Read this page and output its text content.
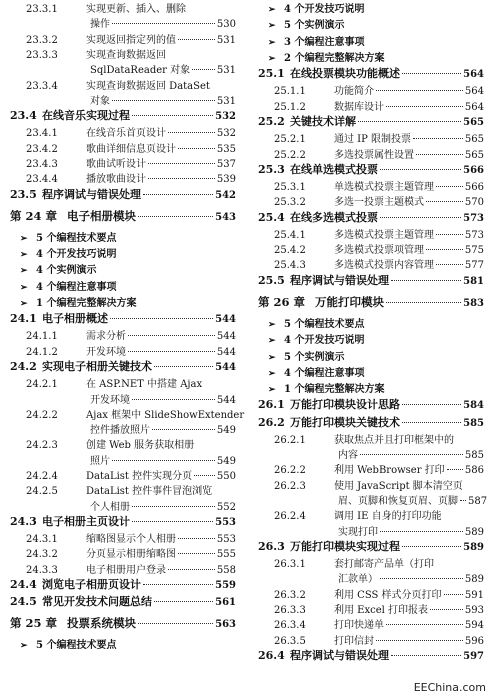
23.3.1	实现更新、插入、删除
操作	530
23.3.2	实现返回指定列的值	531
23.3.3	实现查询数据返回
SqlDataReader 对象	531
23.3.4	实现查询数据返回 DataSet
对象	531
23.4 在线音乐实现过程	532
23.4.1	在线音乐首页设计	532
23.4.2	歌曲详细信息页设计	535
23.4.3	歌曲试听设计	537
23.4.4	播放歌曲设计	539
23.5 程序调试与错误处理	542
第 24 章 电子相册模块	543
➢ 5 个编程技术要点
➢ 4 个开发技巧说明
➢ 4 个实例演示
➢ 4 个编程注意事项
➢ 1 个编程完整解决方案
24.1 电子相册概述	544
24.1.1	需求分析	544
24.1.2	开发环境	544
24.2 实现电子相册关键技术	544
24.2.1	在 ASP.NET 中搭建 Ajax
开发环境	544
24.2.2	Ajax 框架中 SlideShowExtender
控件播放照片	549
24.2.3	创建 Web 服务获取相册
照片	549
24.2.4	DataList 控件实现分页 550
24.2.5	DataList 控件事件冒泡浏览
个人相册	552
24.3 电子相册主页设计	553
24.3.1	缩略图显示个人相册	553
24.3.2	分页显示相册缩略图	555
24.3.3	电子相册用户登录	558
24.4 浏览电子相册页设计	559
24.5 常见开发技术问题总结	561
第 25 章 投票系统模块	563
➢ 5 个编程技术要点
➢ 4 个开发技巧说明
➢ 5 个实例演示
➢ 3 个编程注意事项
➢ 2 个编程完整解决方案
25.1 在线投票模块功能概述	564
25.1.1	功能简介	564
25.1.2	数据库设计	564
25.2 关键技术详解	565
25.2.1	通过 IP 限制投票	565
25.2.2	多选投票属性设置	565
25.3 在线单选模式投票	566
25.3.1	单选模式投票主题管理	566
25.3.2	多选一投票主题模式	570
25.4 在线多选模式投票	573
25.4.1	多选模式投票主题管理	573
25.4.2	多选模式投票项管理	575
25.4.3	多选模式投票内容管理	577
25.5 程序调试与错误处理	581
第 26 章 万能打印模块	583
➢ 5 个编程技术要点
➢ 4 个开发技巧说明
➢ 5 个实例演示
➢ 4 个编程注意事项
➢ 1 个编程完整解决方案
26.1 万能打印模块设计思路	584
26.2 万能打印模块关键技术	585
26.2.1	获取焦点并且打印框架中的
内容	585
26.2.2	利用 WebBrowser 打印 586
26.2.3	使用 JavaScript 脚本清空页
眉、页脚和恢复页眉、页脚 587
26.2.4	调用 IE 自身的打印功能
实现打印	589
26.3 万能打印模块实现过程	589
26.3.1	套打邮寄产品单（打印
汇款单）	589
26.3.2	利用 CSS 样式分页打印 591
26.3.3	利用 Excel 打印报表	593
26.3.4	打印快递单	594
26.3.5	打印信封	596
26.4 程序调试与错误处理	597
EEChina.com
